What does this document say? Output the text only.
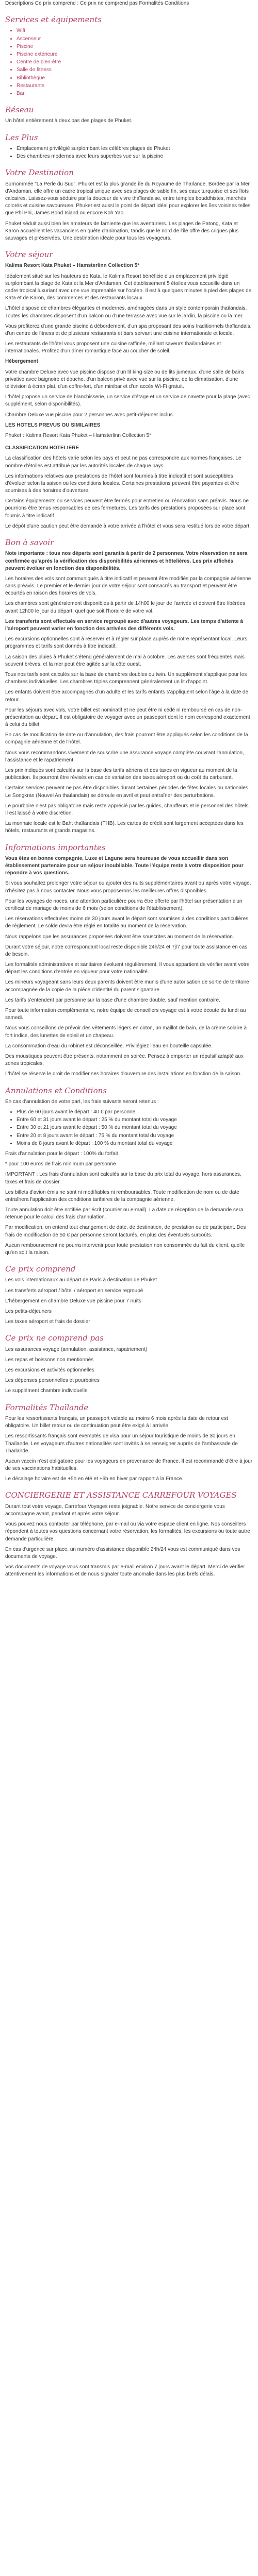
Descriptions Ce prix comprend : Ce prix ne comprend pas Formalités Conditions

Services et équipements
• Wifi
• Ascenseur
• Piscine
• Piscine extérieure
• Centre de bien-être
• Salle de fitness
• Bibliothèque
• Restaurants
• Bar
Réseau

Un hôtel entièrement à deux pas des plages de Phuket.

Les Plus
• Emplacement privilégié surplombant les célèbres plages de Phuket
• Des chambres modernes avec leurs superbes vue sur la piscine
Votre Destination

Surnommée "La Perle du Sud", Phuket est la plus grande île du Royaume de Thaïlande. Bordée par la Mer d'Andaman, elle offre un cadre tropical unique avec ses plages de sable fin, ses eaux turquoise et ses îlots calcaires. Laissez-vous séduire par la douceur de vivre thaïlandaise, entre temples bouddhistes, marchés colorés et cuisine savoureuse. Phuket est aussi le point de départ idéal pour explorer les îles voisines telles que Phi Phi, James Bond Island ou encore Koh Yao.

Phuket séduit aussi bien les amateurs de farniente que les aventuriers. Les plages de Patong, Kata et Karon accueillent les vacanciers en quête d'animation, tandis que le nord de l'île offre des criques plus sauvages et préservées. Une destination idéale pour tous les voyageurs.

Votre séjour

Kalima Resort Kata Phuket – Hamsterlinn Collection 5*

Idéalement situé sur les hauteurs de Kata, le Kalima Resort bénéficie d'un emplacement privilégié surplombant la plage de Kata et la Mer d'Andaman. Cet établissement 5 étoiles vous accueille dans un cadre tropical luxuriant avec une vue imprenable sur l'océan. Il est à quelques minutes à pied des plages de Kata et de Karon, des commerces et des restaurants locaux.

L'hôtel dispose de chambres élégantes et modernes, aménagées dans un style contemporain thaïlandais. Toutes les chambres disposent d'un balcon ou d'une terrasse avec vue sur le jardin, la piscine ou la mer.

Vous profiterez d'une grande piscine à débordement, d'un spa proposant des soins traditionnels thaïlandais, d'un centre de fitness et de plusieurs restaurants et bars servant une cuisine internationale et locale.

Les restaurants de l'hôtel vous proposent une cuisine raffinée, mêlant saveurs thaïlandaises et internationales. Profitez d'un dîner romantique face au coucher de soleil.

Hébergement

Votre chambre Deluxe avec vue piscine dispose d'un lit king-size ou de lits jumeaux, d'une salle de bains privative avec baignoire et douche, d'un balcon privé avec vue sur la piscine, de la climatisation, d'une télévision à écran plat, d'un coffre-fort, d'un minibar et d'un accès Wi-Fi gratuit.

L'hôtel propose un service de blanchisserie, un service d'étage et un service de navette pour la plage (avec supplément, selon disponibilités).

Chambre Deluxe vue piscine pour 2 personnes avec petit-déjeuner inclus.

LES HOTELS PREVUS OU SIMILAIRES

Phuket : Kalima Resort Kata Phuket – Hamsterlinn Collection 5*

CLASSIFICATION HOTELIERE

La classification des hôtels varie selon les pays et peut ne pas correspondre aux normes françaises. Le nombre d'étoiles est attribué par les autorités locales de chaque pays.

Les informations relatives aux prestations de l'hôtel sont fournies à titre indicatif et sont susceptibles d'évoluer selon la saison ou les conditions locales. Certaines prestations peuvent être payantes et être soumises à des horaires d'ouverture.

Certains équipements ou services peuvent être fermés pour entretien ou rénovation sans préavis. Nous ne pourrions être tenus responsables de ces fermetures. Les tarifs des prestations proposées sur place sont fournis à titre indicatif.

Le dépôt d'une caution peut être demandé à votre arrivée à l'hôtel et vous sera restitué lors de votre départ.

Bon à savoir

Note importante : tous nos départs sont garantis à partir de 2 personnes. Votre réservation ne sera confirmée qu'après la vérification des disponibilités aériennes et hôtelières. Les prix affichés peuvent évoluer en fonction des disponibilités.

Les horaires des vols sont communiqués à titre indicatif et peuvent être modifiés par la compagnie aérienne sans préavis. Le premier et le dernier jour de votre séjour sont consacrés au transport et peuvent être écourtés en raison des horaires de vols.

Les chambres sont généralement disponibles à partir de 14h00 le jour de l'arrivée et doivent être libérées avant 12h00 le jour du départ, quel que soit l'horaire de votre vol.

Les transferts sont effectués en service regroupé avec d'autres voyageurs. Les temps d'attente à l'aéroport peuvent varier en fonction des arrivées des différents vols.

Les excursions optionnelles sont à réserver et à régler sur place auprès de notre représentant local. Leurs programmes et tarifs sont donnés à titre indicatif.

La saison des pluies à Phuket s'étend généralement de mai à octobre. Les averses sont fréquentes mais souvent brèves, et la mer peut être agitée sur la côte ouest.

Tous nos tarifs sont calculés sur la base de chambres doubles ou twin. Un supplément s'applique pour les chambres individuelles. Les chambres triples comprennent généralement un lit d'appoint.

Les enfants doivent être accompagnés d'un adulte et les tarifs enfants s'appliquent selon l'âge à la date de retour.

Pour les séjours avec vols, votre billet est nominatif et ne peut être ni cédé ni remboursé en cas de non-présentation au départ. Il est obligatoire de voyager avec un passeport dont le nom correspond exactement à celui du billet.

En cas de modification de date ou d'annulation, des frais pourront être appliqués selon les conditions de la compagnie aérienne et de l'hôtel.

Nous vous recommandons vivement de souscrire une assurance voyage complète couvrant l'annulation, l'assistance et le rapatriement.

Les prix indiqués sont calculés sur la base des tarifs aériens et des taxes en vigueur au moment de la publication. Ils pourront être révisés en cas de variation des taxes aéroport ou du coût du carburant.

Certains services peuvent ne pas être disponibles durant certaines périodes de fêtes locales ou nationales. Le Songkran (Nouvel An thaïlandais) se déroule en avril et peut entraîner des perturbations.

Le pourboire n'est pas obligatoire mais reste apprécié par les guides, chauffeurs et le personnel des hôtels. Il est laissé à votre discrétion.

La monnaie locale est le Baht thaïlandais (THB). Les cartes de crédit sont largement acceptées dans les hôtels, restaurants et grands magasins.

Informations importantes

Vous êtes en bonne compagnie, Luxe et Lagune sera heureuse de vous accueillir dans son établissement partenaire pour un séjour inoubliable. Toute l'équipe reste à votre disposition pour répondre à vos questions.

Si vous souhaitez prolonger votre séjour ou ajouter des nuits supplémentaires avant ou après votre voyage, n'hésitez pas à nous contacter. Nous vous proposerons les meilleures offres disponibles.

Pour les voyages de noces, une attention particulière pourra être offerte par l'hôtel sur présentation d'un certificat de mariage de moins de 6 mois (selon conditions de l'établissement).

Les réservations effectuées moins de 30 jours avant le départ sont soumises à des conditions particulières de règlement. Le solde devra être réglé en totalité au moment de la réservation.

Nous rappelons que les assurances proposées doivent être souscrites au moment de la réservation.

Durant votre séjour, notre correspondant local reste disponible 24h/24 et 7j/7 pour toute assistance en cas de besoin.

Les formalités administratives et sanitaires évoluent régulièrement. Il vous appartient de vérifier avant votre départ les conditions d'entrée en vigueur pour votre nationalité.

Les mineurs voyageant sans leurs deux parents doivent être munis d'une autorisation de sortie de territoire accompagnée de la copie de la pièce d'identité du parent signataire.

Les tarifs s'entendent par personne sur la base d'une chambre double, sauf mention contraire.

Pour toute information complémentaire, notre équipe de conseillers voyage est à votre écoute du lundi au samedi.

Nous vous conseillons de prévoir des vêtements légers en coton, un maillot de bain, de la crème solaire à fort indice, des lunettes de soleil et un chapeau.

La consommation d'eau du robinet est déconseillée. Privilégiez l'eau en bouteille capsulée.

Des moustiques peuvent être présents, notamment en soirée. Pensez à emporter un répulsif adapté aux zones tropicales.

L'hôtel se réserve le droit de modifier ses horaires d'ouverture des installations en fonction de la saison.

Annulations et Conditions

En cas d'annulation de votre part, les frais suivants seront retenus :

• Plus de 60 jours avant le départ : 40 € par personne
• Entre 60 et 31 jours avant le départ : 25 % du montant total du voyage
• Entre 30 et 21 jours avant le départ : 50 % du montant total du voyage
• Entre 20 et 8 jours avant le départ : 75 % du montant total du voyage
• Moins de 8 jours avant le départ : 100 % du montant total du voyage

Frais d'annulation pour le départ : 100% du forfait

* pour 100 euros de frais minimum par personne

IMPORTANT : Les frais d'annulation sont calculés sur la base du prix total du voyage, hors assurances, taxes et frais de dossier.

Les billets d'avion émis ne sont ni modifiables ni remboursables. Toute modification de nom ou de date entraînera l'application des conditions tarifaires de la compagnie aérienne.

Toute annulation doit être notifiée par écrit (courrier ou e-mail). La date de réception de la demande sera retenue pour le calcul des frais d'annulation.

Par modification, on entend tout changement de date, de destination, de prestation ou de participant. Des frais de modification de 50 € par personne seront facturés, en plus des éventuels surcoûts.

Aucun remboursement ne pourra intervenir pour toute prestation non consommée du fait du client, quelle qu'en soit la raison.

Ce prix comprend

Les vols internationaux au départ de Paris à destination de Phuket

Les transferts aéroport / hôtel / aéroport en service regroupé

L'hébergement en chambre Deluxe vue piscine pour 7 nuits

Les petits-déjeuners

Les taxes aéroport et frais de dossier

Ce prix ne comprend pas

Les assurances voyage (annulation, assistance, rapatriement)

Les repas et boissons non mentionnés

Les excursions et activités optionnelles

Les dépenses personnelles et pourboires

Le supplément chambre individuelle

Formalités Thaïlande

Pour les ressortissants français, un passeport valable au moins 6 mois après la date de retour est obligatoire. Un billet retour ou de continuation peut être exigé à l'arrivée.

Les ressortissants français sont exemptés de visa pour un séjour touristique de moins de 30 jours en Thaïlande. Les voyageurs d'autres nationalités sont invités à se renseigner auprès de l'ambassade de Thaïlande.

Aucun vaccin n'est obligatoire pour les voyageurs en provenance de France. Il est recommandé d'être à jour de ses vaccinations habituelles.

Le décalage horaire est de +5h en été et +6h en hiver par rapport à la France.

CONCIERGERIE ET ASSISTANCE CARREFOUR VOYAGES

Durant tout votre voyage, Carrefour Voyages reste joignable. Notre service de conciergerie vous accompagne avant, pendant et après votre séjour.

Vous pouvez nous contacter par téléphone, par e-mail ou via votre espace client en ligne. Nos conseillers répondent à toutes vos questions concernant votre réservation, les formalités, les excursions ou toute autre demande particulière.

En cas d'urgence sur place, un numéro d'assistance disponible 24h/24 vous est communiqué dans vos documents de voyage.

Vos documents de voyage vous sont transmis par e-mail environ 7 jours avant le départ. Merci de vérifier attentivement les informations et de nous signaler toute anomalie dans les plus brefs délais.
